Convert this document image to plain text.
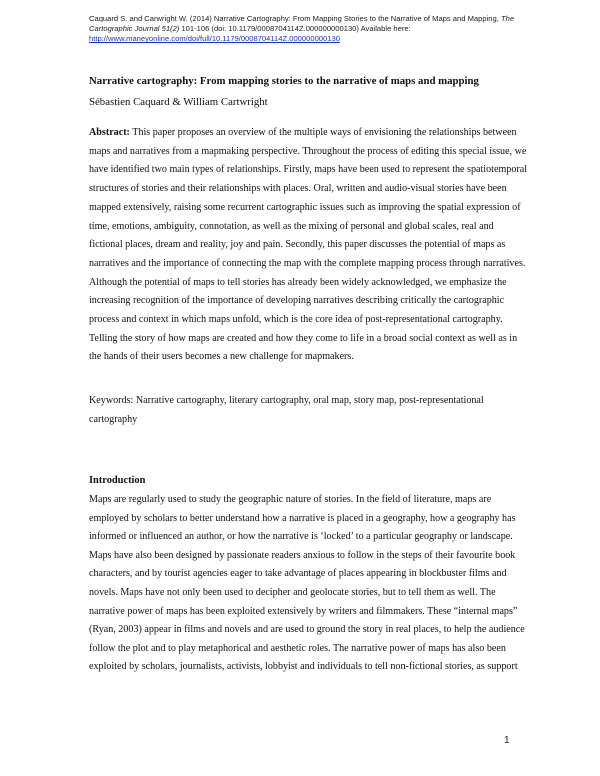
Caquard S. and Carwright W. (2014) Narrative Cartography: From Mapping Stories to the Narrative of Maps and Mapping, The Cartographic Journal 51(2) 101-106 (doi: 10.1179/0008704114Z.000000000130) Available here: http://www.maneyonline.com/doi/full/10.1179/0008704114Z.000000000130
Narrative cartography: From mapping stories to the narrative of maps and mapping
Sébastien Caquard & William Cartwright

Abstract: This paper proposes an overview of the multiple ways of envisioning the relationships between maps and narratives from a mapmaking perspective. Throughout the process of editing this special issue, we have identified two main types of relationships. Firstly, maps have been used to represent the spatiotemporal structures of stories and their relationships with places. Oral, written and audio-visual stories have been mapped extensively, raising some recurrent cartographic issues such as improving the spatial expression of time, emotions, ambiguity, connotation, as well as the mixing of personal and global scales, real and fictional places, dream and reality, joy and pain. Secondly, this paper discusses the potential of maps as narratives and the importance of connecting the map with the complete mapping process through narratives. Although the potential of maps to tell stories has already been widely acknowledged, we emphasize the increasing recognition of the importance of developing narratives describing critically the cartographic process and context in which maps unfold, which is the core idea of post-representational cartography. Telling the story of how maps are created and how they come to life in a broad social context as well as in the hands of their users becomes a new challenge for mapmakers.

Keywords: Narrative cartography, literary cartography, oral map, story map, post-representational cartography

Introduction

Maps are regularly used to study the geographic nature of stories. In the field of literature, maps are employed by scholars to better understand how a narrative is placed in a geography, how a geography has informed or influenced an author, or how the narrative is ‘locked’ to a particular geography or landscape. Maps have also been designed by passionate readers anxious to follow in the steps of their favourite book characters, and by tourist agencies eager to take advantage of places appearing in blockbuster films and novels. Maps have not only been used to decipher and geolocate stories, but to tell them as well. The narrative power of maps has been exploited extensively by writers and filmmakers. These “internal maps” (Ryan, 2003) appear in films and novels and are used to ground the story in real places, to help the audience follow the plot and to play metaphorical and aesthetic roles. The narrative power of maps has also been exploited by scholars, journalists, activists, lobbyist and individuals to tell non-fictional stories, as support

1
